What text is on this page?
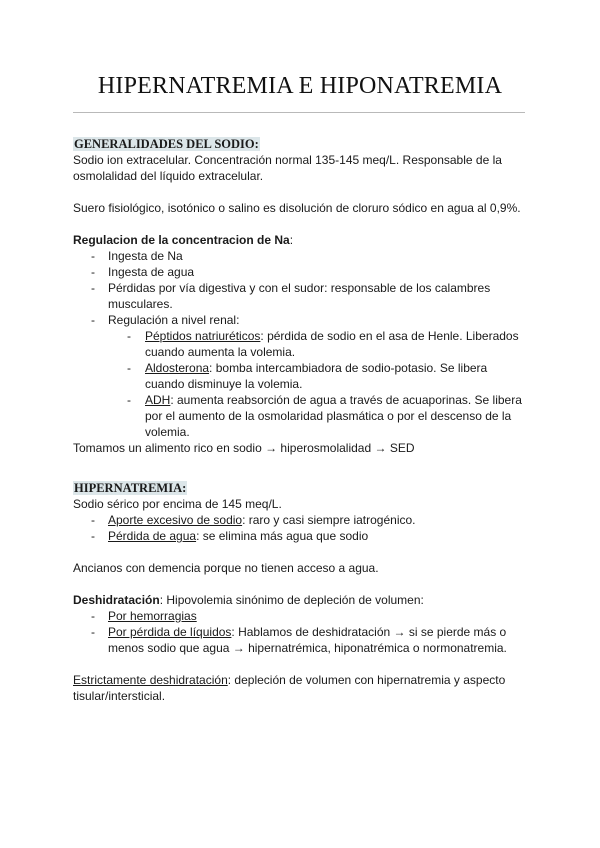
HIPERNATREMIA E HIPONATREMIA
GENERALIDADES DEL SODIO:

Sodio ion extracelular. Concentración normal 135-145 meq/L. Responsable de la osmolalidad del líquido extracelular.

Suero fisiológico, isotónico o salino es disolución de cloruro sódico en agua al 0,9%.

Regulacion de la concentracion de Na:

- Ingesta de Na
- Ingesta de agua
- Pérdidas por vía digestiva y con el sudor: responsable de los calambres musculares.
- Regulación a nivel renal:
- Péptidos natriuréticos: pérdida de sodio en el asa de Henle. Liberados cuando aumenta la volemia.
- Aldosterona: bomba intercambiadora de sodio-potasio. Se libera cuando disminuye la volemia.
- ADH: aumenta reabsorción de agua a través de acuaporinas. Se libera por el aumento de la osmolaridad plasmática o por el descenso de la volemia.

Tomamos un alimento rico en sodio → hiperosmolalidad → SED

HIPERNATREMIA:

Sodio sérico por encima de 145 meq/L.

- Aporte excesivo de sodio: raro y casi siempre iatrogénico.
- Pérdida de agua: se elimina más agua que sodio

Ancianos con demencia porque no tienen acceso a agua.

Deshidratación: Hipovolemia sinónimo de depleción de volumen:

- Por hemorragias
- Por pérdida de líquidos: Hablamos de deshidratación → si se pierde más o menos sodio que agua → hipernatrémica, hiponatrémica o normonatremia.

Estrictamente deshidratación: depleción de volumen con hipernatremia y aspecto tisular/intersticial.
